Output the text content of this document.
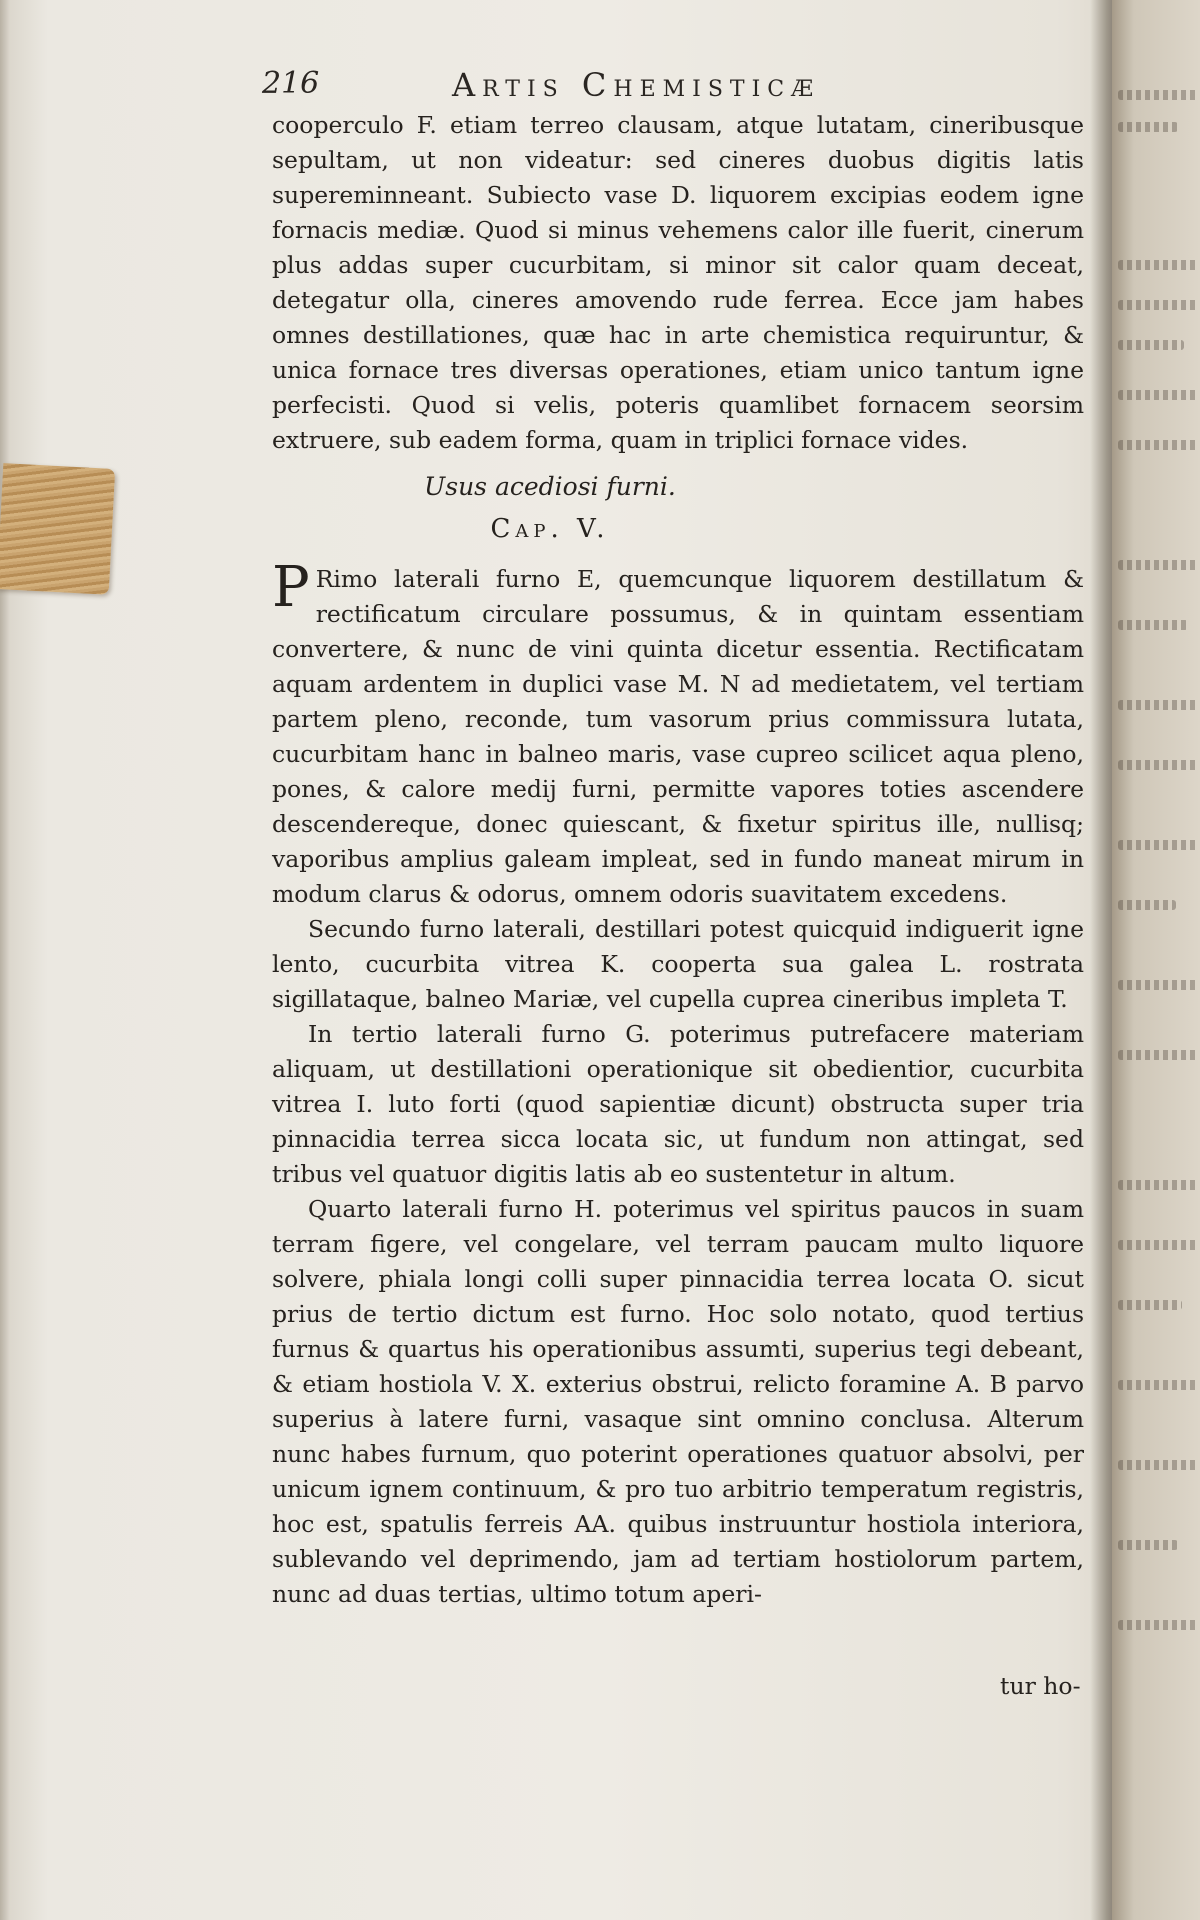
216	Artis Chemisticæ

cooperculo F. etiam terreo clausam, atque lutatam, cineribusque sepultam, ut non videatur: sed cineres duobus digitis latis supereminneant. Subiecto vase D. liquorem excipias eodem igne fornacis mediæ. Quod si minus vehemens calor ille fuerit, cinerum plus addas super cucurbitam, si minor sit calor quam deceat, detegatur olla, cineres amovendo rude ferrea. Ecce jam habes omnes destillationes, quæ hac in arte chemistica requiruntur, & unica fornace tres diversas operationes, etiam unico tantum igne perfecisti. Quod si velis, poteris quamlibet fornacem seorsim extruere, sub eadem forma, quam in triplici fornace vides.

Usus acediosi furni.
Cap. V.

P Rimo laterali furno E, quemcunque liquorem destillatum & rectificatum circulare possumus, & in quintam essentiam convertere, & nunc de vini quinta dicetur essentia. Rectificatam aquam ardentem in duplici vase M. N ad medietatem, vel tertiam partem pleno, reconde, tum vasorum prius commissura lutata, cucurbitam hanc in balneo maris, vase cupreo scilicet aqua pleno, pones, & calore medij furni, permitte vapores toties ascendere descendereque, donec quiescant, & fixetur spiritus ille, nullisq; vaporibus amplius galeam impleat, sed in fundo maneat mirum in modum clarus & odorus, omnem odoris suavitatem excedens.

Secundo furno laterali, destillari potest quicquid indiguerit igne lento, cucurbita vitrea K. cooperta sua galea L. rostrata sigillataque, balneo Mariæ, vel cupella cuprea cineribus impleta T.

In tertio laterali furno G. poterimus putrefacere materiam aliquam, ut destillationi operationique sit obedientior, cucurbita vitrea I. luto forti (quod sapientiæ dicunt) obstructa super tria pinnacidia terrea sicca locata sic, ut fundum non attingat, sed tribus vel quatuor digitis latis ab eo sustentetur in altum.

Quarto laterali furno H. poterimus vel spiritus paucos in suam terram figere, vel congelare, vel terram paucam multo liquore solvere, phiala longi colli super pinnacidia terrea locata O. sicut prius de tertio dictum est furno. Hoc solo notato, quod tertius furnus & quartus his operationibus assumti, superius tegi debeant, & etiam hostiola V. X. exterius obstrui, relicto foramine A. B parvo superius à latere furni, vasaque sint omnino conclusa. Alterum nunc habes furnum, quo poterint operationes quatuor absolvi, per unicum ignem continuum, & pro tuo arbitrio temperatum registris, hoc est, spatulis ferreis AA. quibus instruuntur hostiola interiora, sublevando vel deprimendo, jam ad tertiam hostiolorum partem, nunc ad duas tertias, ultimo totum aperi-

tur ho-
